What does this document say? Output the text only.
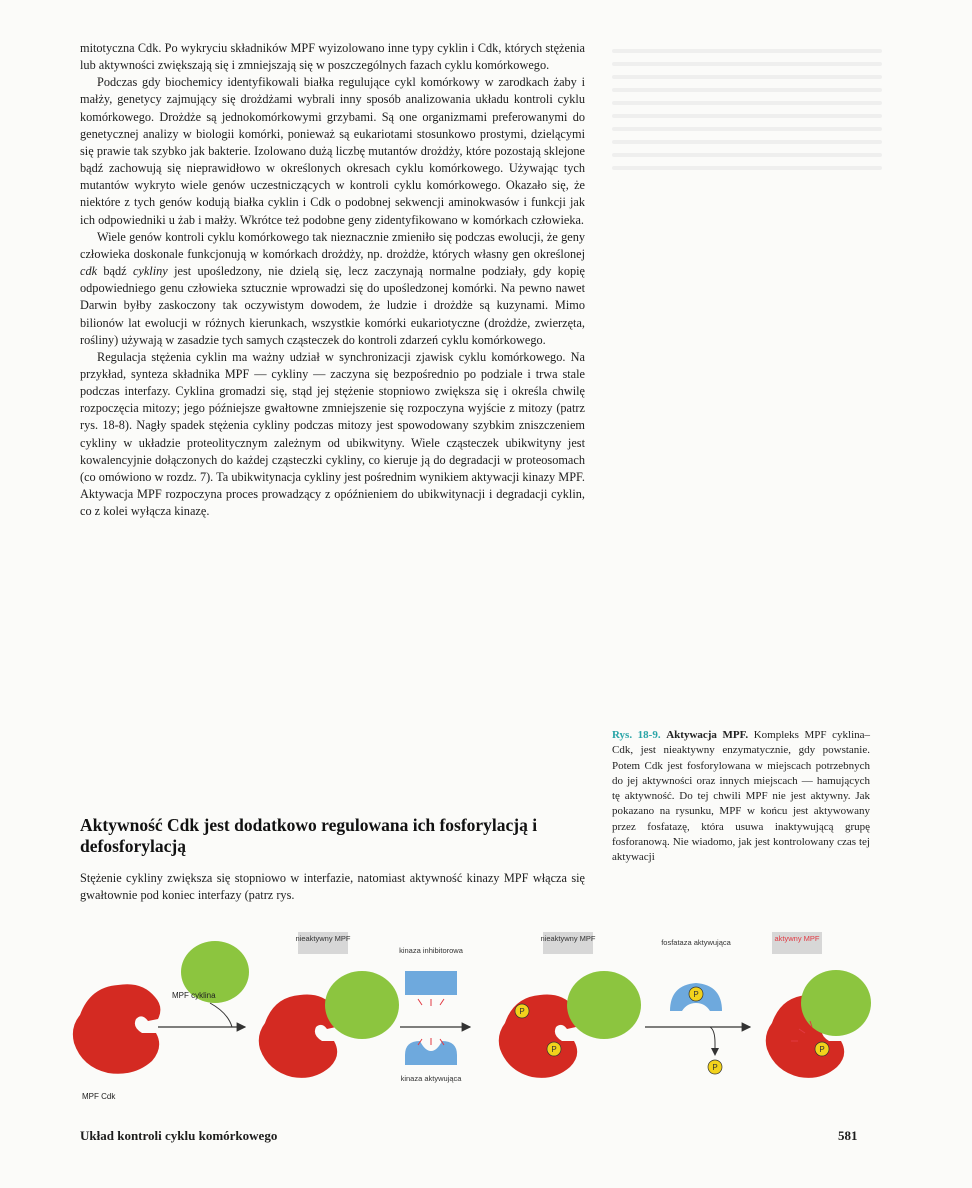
mitotyczna Cdk. Po wykryciu składników MPF wyizolowano inne typy cyklin i Cdk, których stężenia lub aktywności zwiększają się i zmniejszają się w poszczególnych fazach cyklu komórkowego.

Podczas gdy biochemicy identyfikowali białka regulujące cykl komórkowy w zarodkach żaby i małży, genetycy zajmujący się drożdżami wybrali inny sposób analizowania układu kontroli cyklu komórkowego. Drożdże są jednokomórkowymi grzybami. Są one organizmami preferowanymi do genetycznej analizy w biologii komórki, ponieważ są eukariotami stosunkowo prostymi, dzielącymi się prawie tak szybko jak bakterie. Izolowano dużą liczbę mutantów drożdży, które pozostają sklejone bądź zachowują się nieprawidłowo w określonych okresach cyklu komórkowego. Używając tych mutantów wykryto wiele genów uczestniczących w kontroli cyklu komórkowego. Okazało się, że niektóre z tych genów kodują białka cyklin i Cdk o podobnej sekwencji aminokwasów i funkcji jak ich odpowiedniki u żab i małży. Wkrótce też podobne geny zidentyfikowano w komórkach człowieka.

Wiele genów kontroli cyklu komórkowego tak nieznacznie zmieniło się podczas ewolucji, że geny człowieka doskonale funkcjonują w komórkach drożdży, np. drożdże, których własny gen określonej cdk bądź cykliny jest upośledzony, nie dzielą się, lecz zaczynają normalne podziały, gdy kopię odpowiedniego genu człowieka sztucznie wprowadzi się do upośledzonej komórki. Na pewno nawet Darwin byłby zaskoczony tak oczywistym dowodem, że ludzie i drożdże są kuzynami. Mimo bilionów lat ewolucji w różnych kierunkach, wszystkie komórki eukariotyczne (drożdże, zwierzęta, rośliny) używają w zasadzie tych samych cząsteczek do kontroli zdarzeń cyklu komórkowego.

Regulacja stężenia cyklin ma ważny udział w synchronizacji zjawisk cyklu komórkowego. Na przykład, synteza składnika MPF — cykliny — zaczyna się bezpośrednio po podziale i trwa stale podczas interfazy. Cyklina gromadzi się, stąd jej stężenie stopniowo zwiększa się i określa chwilę rozpoczęcia mitozy; jego późniejsze gwałtowne zmniejszenie się rozpoczyna wyjście z mitozy (patrz rys. 18-8). Nagły spadek stężenia cykliny podczas mitozy jest spowodowany szybkim zniszczeniem cykliny w układzie proteolitycznym zależnym od ubikwityny. Wiele cząsteczek ubikwityny jest kowalencyjnie dołączonych do każdej cząsteczki cykliny, co kieruje ją do degradacji w proteosomach (co omówiono w rozdz. 7). Ta ubikwitynacja cykliny jest pośrednim wynikiem aktywacji kinazy MPF. Aktywacja MPF rozpoczyna proces prowadzący z opóźnieniem do ubikwitynacji i degradacji cyklin, co z kolei wyłącza kinazę.

Aktywność Cdk jest dodatkowo regulowana ich fosforylacją i defosforylacją

Stężenie cykliny zwiększa się stopniowo w interfazie, natomiast aktywność kinazy MPF włącza się gwałtownie pod koniec interfazy (patrz rys.

Rys. 18-9. Aktywacja MPF. Kompleks MPF cyklina–Cdk, jest nieaktywny enzymatycznie, gdy powstanie. Potem Cdk jest fosforylowana w miejscach potrzebnych do jej aktywności oraz innych miejscach — hamujących tę aktywność. Do tej chwili MPF nie jest aktywny. Jak pokazano na rysunku, MPF w końcu jest aktywowany przez fosfatazę, która usuwa inaktywującą grupę fosforanową. Nie wiadomo, jak jest kontrolowany czas tej aktywacji
MPF cyklina
MPF Cdk
nieaktywny MPF
kinaza inhibitorowa
kinaza aktywująca
nieaktywny MPF
P
P
P
fosfataza aktywująca
P
aktywny MPF
P
Układ kontroli cyklu komórkowego	581
